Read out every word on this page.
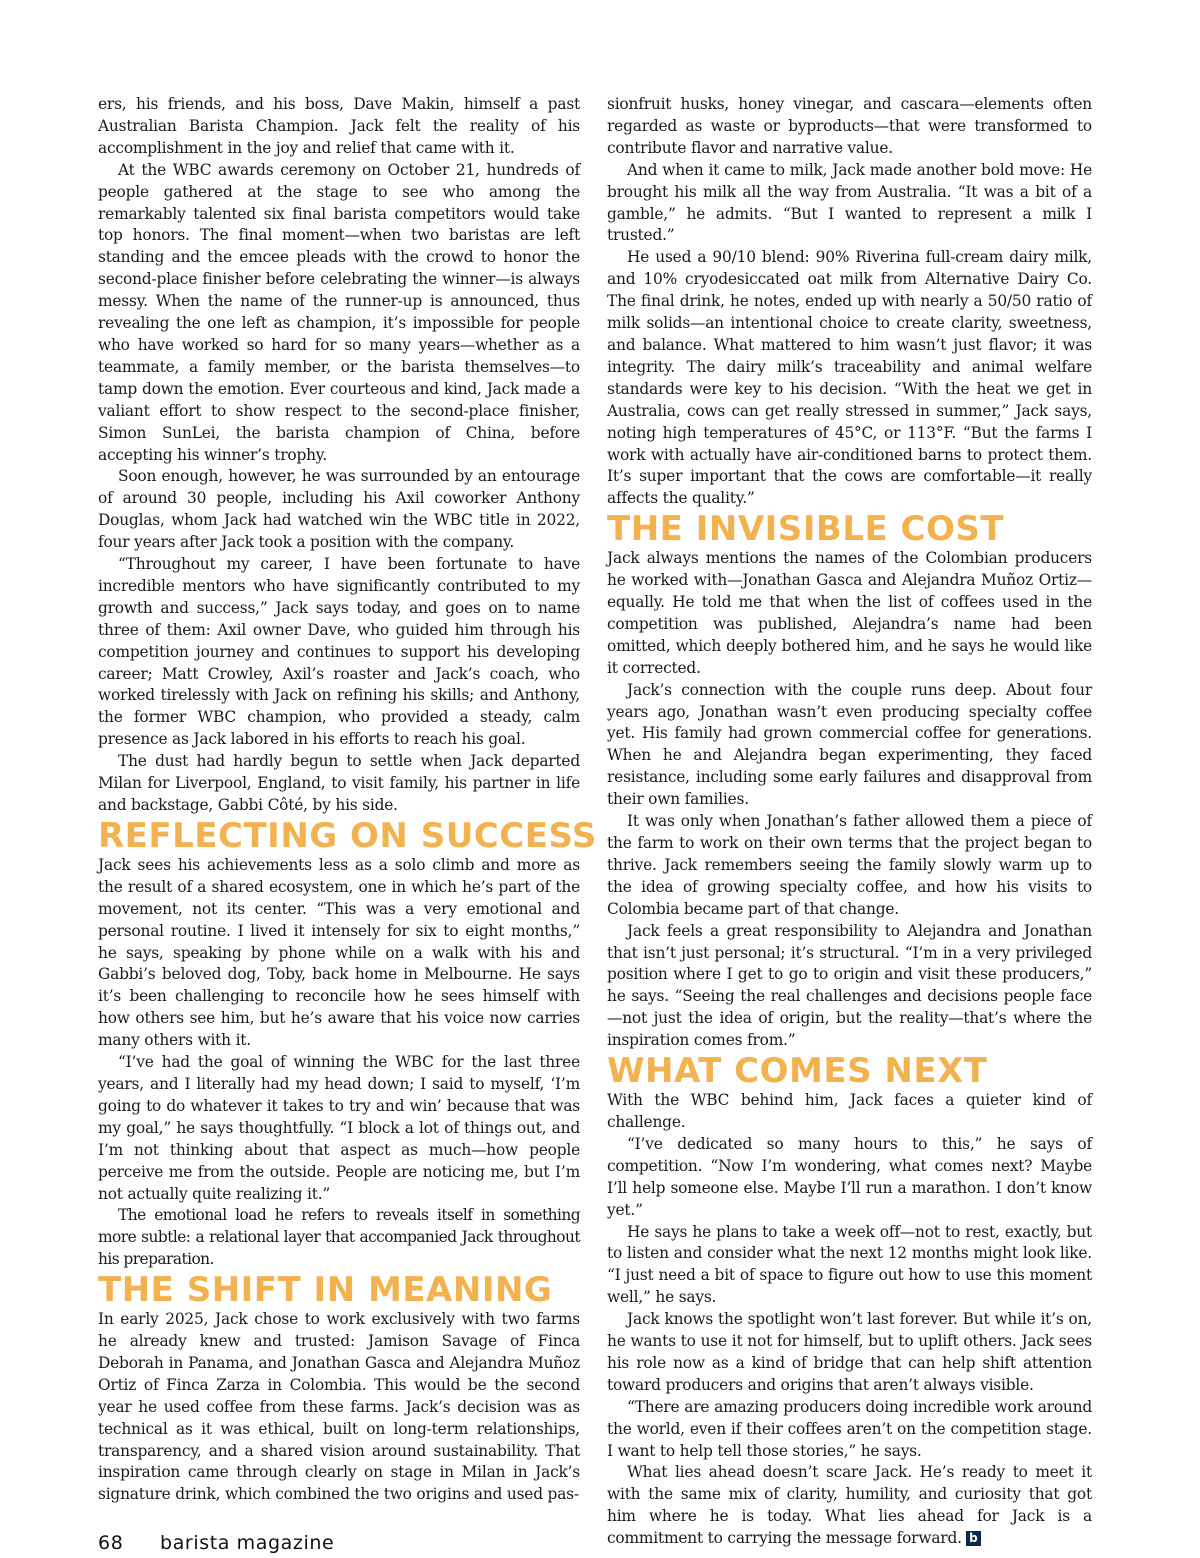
ers, his friends, and his boss, Dave Makin, himself a past Australian Barista Champion. Jack felt the reality of his accomplishment in the joy and relief that came with it.

At the WBC awards ceremony on October 21, hundreds of people gathered at the stage to see who among the remarkably talented six final barista competitors would take top honors. The final moment—when two baristas are left standing and the emcee pleads with the crowd to honor the second-place finisher before celebrating the winner—is always messy. When the name of the runner-up is announced, thus revealing the one left as champion, it’s impossible for people who have worked so hard for so many years—whether as a teammate, a family member, or the barista themselves—to tamp down the emotion. Ever courteous and kind, Jack made a valiant effort to show respect to the second-place finisher, Simon SunLei, the barista champion of China, before accepting his winner’s trophy.

Soon enough, however, he was surrounded by an entourage of around 30 people, including his Axil coworker Anthony Douglas, whom Jack had watched win the WBC title in 2022, four years after Jack took a position with the company.

“Throughout my career, I have been fortunate to have incredible mentors who have significantly contributed to my growth and success,” Jack says today, and goes on to name three of them: Axil owner Dave, who guided him through his competition journey and continues to support his developing career; Matt Crowley, Axil’s roaster and Jack’s coach, who worked tirelessly with Jack on refining his skills; and Anthony, the former WBC champion, who provided a steady, calm presence as Jack labored in his efforts to reach his goal.

The dust had hardly begun to settle when Jack departed Milan for Liverpool, England, to visit family, his partner in life and backstage, Gabbi Côté, by his side.

REFLECTING ON SUCCESS

Jack sees his achievements less as a solo climb and more as the result of a shared ecosystem, one in which he’s part of the movement, not its center. “This was a very emotional and personal routine. I lived it intensely for six to eight months,” he says, speaking by phone while on a walk with his and Gabbi’s beloved dog, Toby, back home in Melbourne. He says it’s been challenging to reconcile how he sees himself with how others see him, but he’s aware that his voice now carries many others with it.

“I’ve had the goal of winning the WBC for the last three years, and I literally had my head down; I said to myself, ‘I’m going to do whatever it takes to try and win’ because that was my goal,” he says thoughtfully. “I block a lot of things out, and I’m not thinking about that aspect as much—how people perceive me from the outside. People are noticing me, but I’m not actually quite realizing it.”

The emotional load he refers to reveals itself in something more subtle: a relational layer that accompanied Jack throughout his preparation.

THE SHIFT IN MEANING

In early 2025, Jack chose to work exclusively with two farms he already knew and trusted: Jamison Savage of Finca Deborah in Panama, and Jonathan Gasca and Alejandra Muñoz Ortiz of Finca Zarza in Colombia. This would be the second year he used coffee from these farms. Jack’s decision was as technical as it was ethical, built on long-term relationships, transparency, and a shared vision around sustainability. That inspiration came through clearly on stage in Milan in Jack’s signature drink, which combined the two origins and used pas-

sionfruit husks, honey vinegar, and cascara—elements often regarded as waste or byproducts—that were transformed to contribute flavor and narrative value.

And when it came to milk, Jack made another bold move: He brought his milk all the way from Australia. “It was a bit of a gamble,” he admits. “But I wanted to represent a milk I trusted.”

He used a 90/10 blend: 90% Riverina full-cream dairy milk, and 10% cryodesiccated oat milk from Alternative Dairy Co. The final drink, he notes, ended up with nearly a 50/50 ratio of milk solids—an intentional choice to create clarity, sweetness, and balance. What mattered to him wasn’t just flavor; it was integrity. The dairy milk’s traceability and animal welfare standards were key to his decision. “With the heat we get in Australia, cows can get really stressed in summer,” Jack says, noting high temperatures of 45°C, or 113°F. “But the farms I work with actually have air-conditioned barns to protect them. It’s super important that the cows are comfortable—it really affects the quality.”

THE INVISIBLE COST

Jack always mentions the names of the Colombian producers he worked with—Jonathan Gasca and Alejandra Muñoz Ortiz—equally. He told me that when the list of coffees used in the competition was published, Alejandra’s name had been omitted, which deeply bothered him, and he says he would like it corrected.

Jack’s connection with the couple runs deep. About four years ago, Jonathan wasn’t even producing specialty coffee yet. His family had grown commercial coffee for generations. When he and Alejandra began experimenting, they faced resistance, including some early failures and disapproval from their own families.

It was only when Jonathan’s father allowed them a piece of the farm to work on their own terms that the project began to thrive. Jack remembers seeing the family slowly warm up to the idea of growing specialty coffee, and how his visits to Colombia became part of that change.

Jack feels a great responsibility to Alejandra and Jonathan that isn’t just personal; it’s structural. “I’m in a very privileged position where I get to go to origin and visit these producers,” he says. “Seeing the real challenges and decisions people face—not just the idea of origin, but the reality—that’s where the inspiration comes from.”

WHAT COMES NEXT

With the WBC behind him, Jack faces a quieter kind of challenge.

“I’ve dedicated so many hours to this,” he says of competition. “Now I’m wondering, what comes next? Maybe I’ll help someone else. Maybe I’ll run a marathon. I don’t know yet.”

He says he plans to take a week off—not to rest, exactly, but to listen and consider what the next 12 months might look like. “I just need a bit of space to figure out how to use this moment well,” he says.

Jack knows the spotlight won’t last forever. But while it’s on, he wants to use it not for himself, but to uplift others. Jack sees his role now as a kind of bridge that can help shift attention toward producers and origins that aren’t always visible.

“There are amazing producers doing incredible work around the world, even if their coffees aren’t on the competition stage. I want to help tell those stories,” he says.

What lies ahead doesn’t scare Jack. He’s ready to meet it with the same mix of clarity, humility, and curiosity that got him where he is today. What lies ahead for Jack is a commitment to carrying the message forward. b

68 barista magazine
